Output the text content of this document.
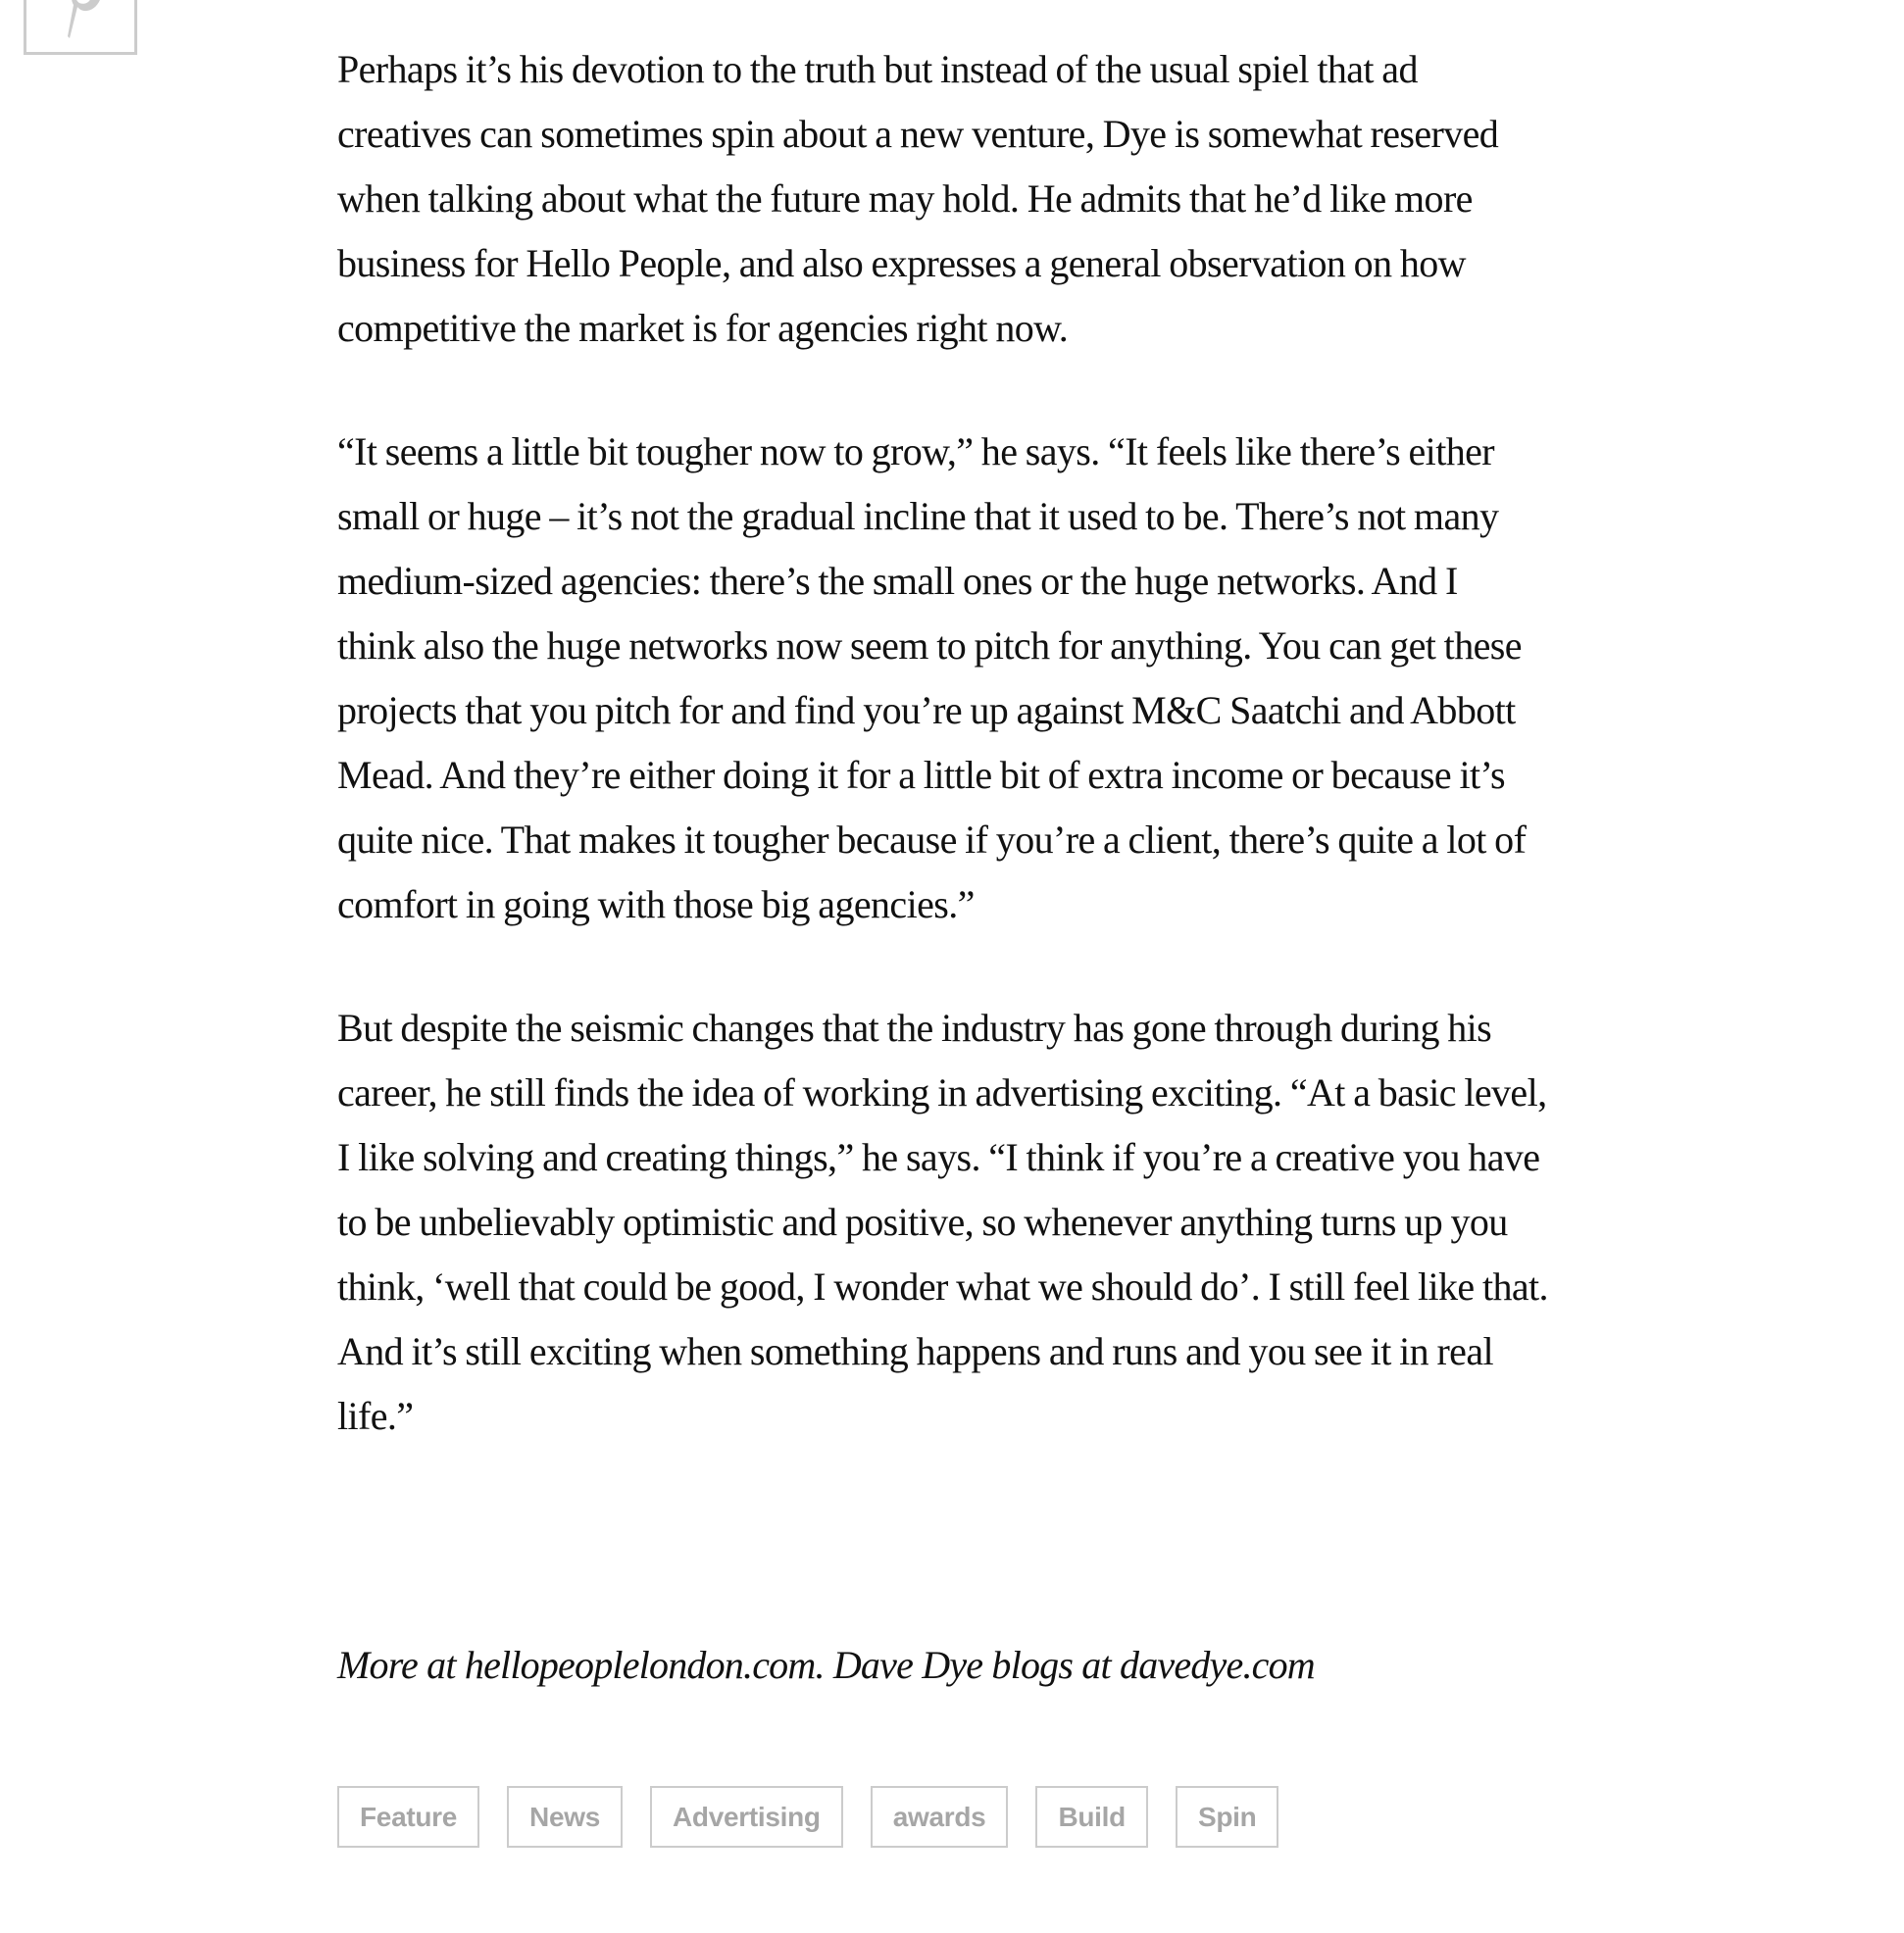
Perhaps it’s his devotion to the truth but instead of the usual spiel that ad
creatives can sometimes spin about a new venture, Dye is somewhat reserved
when talking about what the future may hold. He admits that he’d like more
business for Hello People, and also expresses a general observation on how
competitive the market is for agencies right now.

“It seems a little bit tougher now to grow,” he says. “It feels like there’s either
small or huge – it’s not the gradual incline that it used to be. There’s not many
medium-sized agencies: there’s the small ones or the huge networks. And I
think also the huge networks now seem to pitch for anything. You can get these
projects that you pitch for and find you’re up against M&C Saatchi and Abbott
Mead. And they’re either doing it for a little bit of extra income or because it’s
quite nice. That makes it tougher because if you’re a client, there’s quite a lot of
comfort in going with those big agencies.”

But despite the seismic changes that the industry has gone through during his
career, he still finds the idea of working in advertising exciting. “At a basic level,
I like solving and creating things,” he says. “I think if you’re a creative you have
to be unbelievably optimistic and positive, so whenever anything turns up you
think, ‘well that could be good, I wonder what we should do’. I still feel like that.
And it’s still exciting when something happens and runs and you see it in real
life.”

More at hellopeoplelondon.com. Dave Dye blogs at davedye.com

Feature	News	Advertising	awards	Build	Spin
